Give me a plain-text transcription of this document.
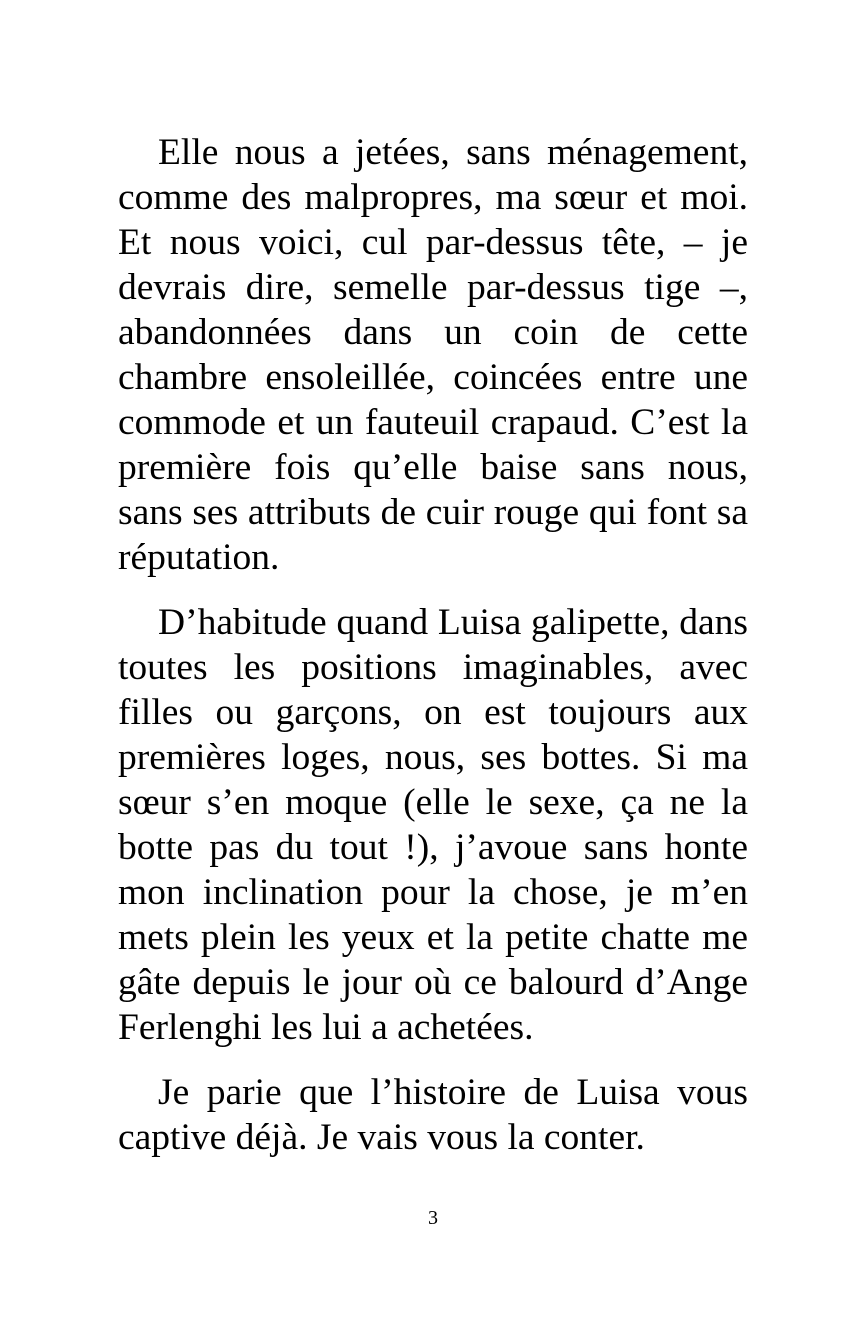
Elle nous a jetées, sans ménagement, comme des malpropres, ma sœur et moi. Et nous voici, cul par-dessus tête, – je devrais dire, semelle par-dessus tige –, abandonnées dans un coin de cette chambre ensoleillée, coincées entre une commode et un fauteuil crapaud. C’est la première fois qu’elle baise sans nous, sans ses attributs de cuir rouge qui font sa réputation.

D’habitude quand Luisa galipette, dans toutes les positions imaginables, avec filles ou garçons, on est toujours aux premières loges, nous, ses bottes. Si ma sœur s’en moque (elle le sexe, ça ne la botte pas du tout !), j’avoue sans honte mon inclination pour la chose, je m’en mets plein les yeux et la petite chatte me gâte depuis le jour où ce balourd d’Ange Ferlenghi les lui a achetées.

Je parie que l’histoire de Luisa vous captive déjà. Je vais vous la conter.

3
